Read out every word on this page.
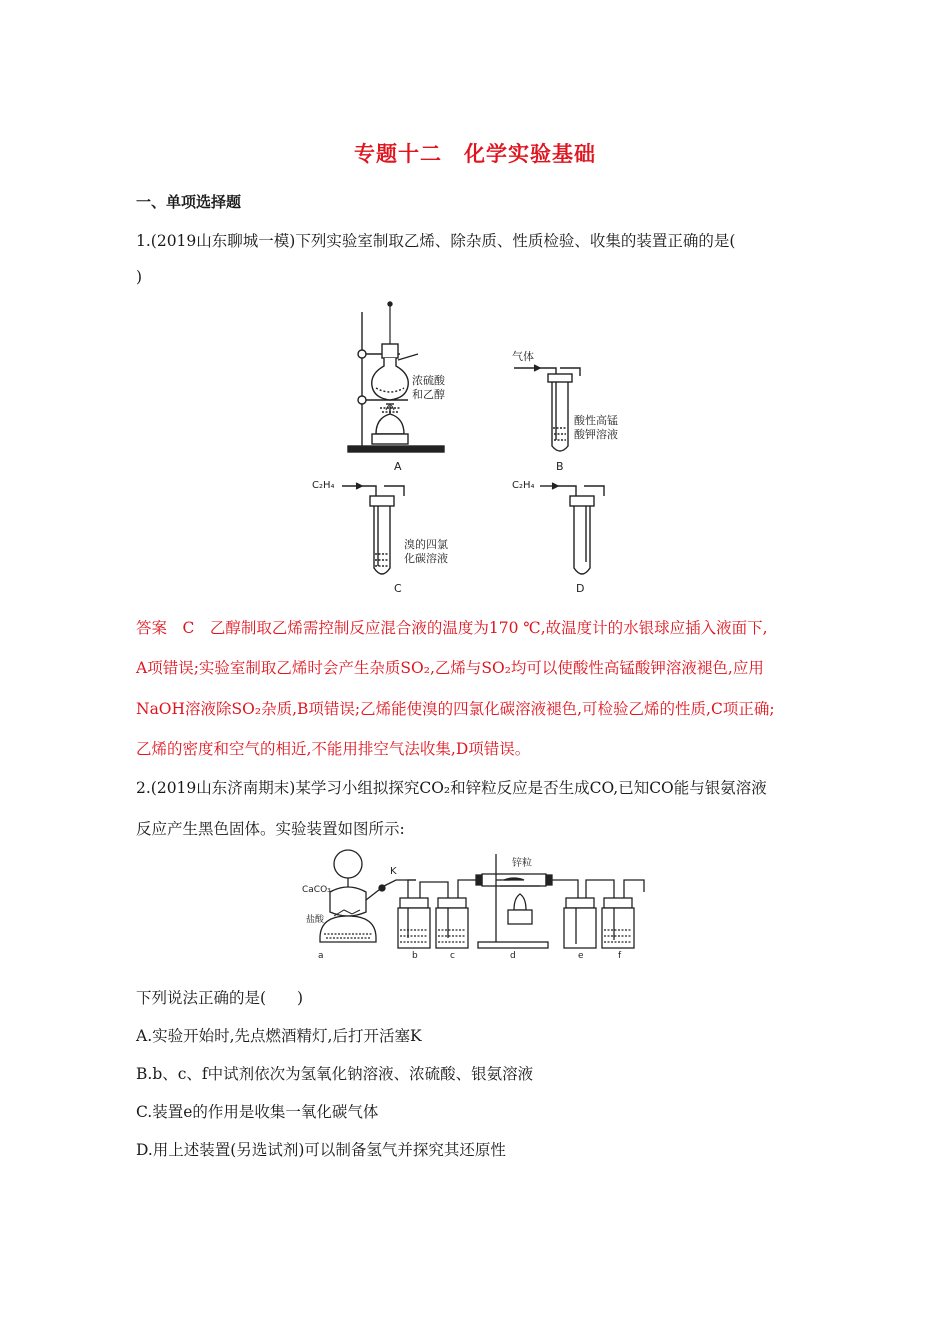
专题十二　化学实验基础
一、单项选择题
1.(2019山东聊城一模)下列实验室制取乙烯、除杂质、性质检验、收集的装置正确的是(
)
浓硫酸
和乙醇
A
气体
酸性高锰
酸钾溶液
B
C₂H₄
溴的四氯
化碳溶液
C
C₂H₄
D
答案　C　乙醇制取乙烯需控制反应混合液的温度为170 ℃,故温度计的水银球应插入液面下,
A项错误;实验室制取乙烯时会产生杂质SO₂,乙烯与SO₂均可以使酸性高锰酸钾溶液褪色,应用
NaOH溶液除SO₂杂质,B项错误;乙烯能使溴的四氯化碳溶液褪色,可检验乙烯的性质,C项正确;
乙烯的密度和空气的相近,不能用排空气法收集,D项错误。
2.(2019山东济南期末)某学习小组拟探究CO₂和锌粒反应是否生成CO,已知CO能与银氨溶液
反应产生黑色固体。实验装置如图所示:
K
CaCO₃
盐酸
a	b	c
锌粒
d	e	f
下列说法正确的是(　　)
A.实验开始时,先点燃酒精灯,后打开活塞K
B.b、c、f中试剂依次为氢氧化钠溶液、浓硫酸、银氨溶液
C.装置e的作用是收集一氧化碳气体
D.用上述装置(另选试剂)可以制备氢气并探究其还原性
